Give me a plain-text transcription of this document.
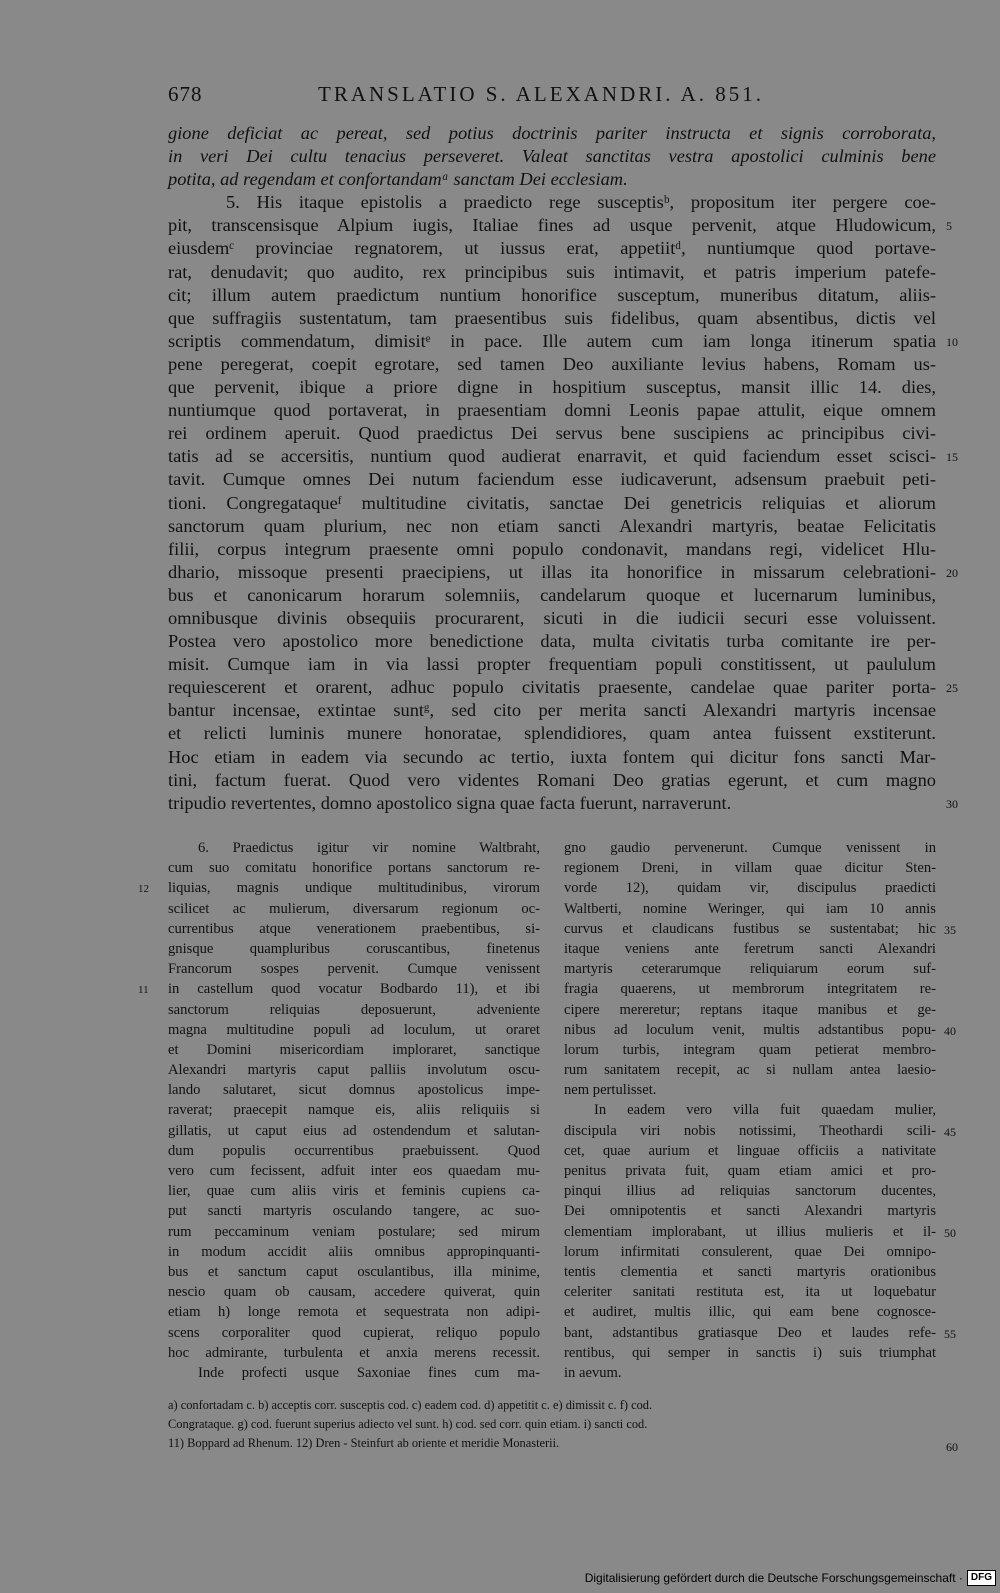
678	TRANSLATIO S. ALEXANDRI. A. 851.
gione deficiat ac pereat, sed potius doctrinis pariter instructa et signis corroborata,
in veri Dei cultu tenacius perseveret. Valeat sanctitas vestra apostolici culminis bene
potita, ad regendam et confortandamᵃ sanctam Dei ecclesiam.
5. His itaque epistolis a praedicto rege susceptisᵇ, propositum iter pergere coe-
pit, transcensisque Alpium iugis, Italiae fines ad usque pervenit, atque Hludowicum, 5
eiusdemᶜ provinciae regnatorem, ut iussus erat, appetiitᵈ, nuntiumque quod portave-
rat, denudavit; quo audito, rex principibus suis intimavit, et patris imperium patefe-
cit; illum autem praedictum nuntium honorifice susceptum, muneribus ditatum, aliis-
que suffragiis sustentatum, tam praesentibus suis fidelibus, quam absentibus, dictis vel
scriptis commendatum, dimisitᵉ in pace. Ille autem cum iam longa itinerum spatia 10
pene peregerat, coepit egrotare, sed tamen Deo auxiliante levius habens, Romam us-
que pervenit, ibique a priore digne in hospitium susceptus, mansit illic 14. dies,
nuntiumque quod portaverat, in praesentiam domni Leonis papae attulit, eique omnem
rei ordinem aperuit. Quod praedictus Dei servus bene suscipiens ac principibus civi-
tatis ad se accersitis, nuntium quod audierat enarravit, et quid faciendum esset scisci- 15
tavit. Cumque omnes Dei nutum faciendum esse iudicaverunt, adsensum praebuit peti-
tioni. Congregataqueᶠ multitudine civitatis, sanctae Dei genetricis reliquias et aliorum
sanctorum quam plurium, nec non etiam sancti Alexandri martyris, beatae Felicitatis
filii, corpus integrum praesente omni populo condonavit, mandans regi, videlicet Hlu-
dhario, missoque presenti praecipiens, ut illas ita honorifice in missarum celebrationi- 20
bus et canonicarum horarum solemniis, candelarum quoque et lucernarum luminibus,
omnibusque divinis obsequiis procurarent, sicuti in die iudicii securi esse voluissent.
Postea vero apostolico more benedictione data, multa civitatis turba comitante ire per-
misit. Cumque iam in via lassi propter frequentiam populi constitissent, ut paululum
requiescerent et orarent, adhuc populo civitatis praesente, candelae quae pariter porta- 25
bantur incensae, extintae suntᵍ, sed cito per merita sancti Alexandri martyris incensae
et relicti luminis munere honoratae, splendidiores, quam antea fuissent exstiterunt.
Hoc etiam in eadem via secundo ac tertio, iuxta fontem qui dicitur fons sancti Mar-
tini, factum fuerat. Quod vero videntes Romani Deo gratias egerunt, et cum magno
tripudio revertentes, domno apostolico signa quae facta fuerunt, narraverunt.	30
6. Praedictus igitur vir nomine Waltbraht,
cum suo comitatu honorifice portans sanctorum re-
liquias, magnis undique multitudinibus, virorum
12
scilicet ac mulierum, diversarum regionum oc-
currentibus atque venerationem praebentibus, si-
gnisque quampluribus coruscantibus, finetenus
Francorum sospes pervenit. Cumque venissent
in castellum quod vocatur Bodbardo 11), et ibi
11
sanctorum reliquias deposuerunt, adveniente
magna multitudine populi ad loculum, ut oraret
et Domini misericordiam imploraret, sanctique
Alexandri martyris caput palliis involutum oscu-
lando salutaret, sicut domnus apostolicus impe-
raverat; praecepit namque eis, aliis reliquiis si
gillatis, ut caput eius ad ostendendum et salutan-
dum populis occurrentibus praebuissent. Quod
vero cum fecissent, adfuit inter eos quaedam mu-
lier, quae cum aliis viris et feminis cupiens ca-
put sancti martyris osculando tangere, ac suo-
rum peccaminum veniam postulare; sed mirum
in modum accidit aliis omnibus appropinquanti-
bus et sanctum caput osculantibus, illa minime,
nescio quam ob causam, accedere quiverat, quin
etiam h) longe remota et sequestrata non adipi-
scens corporaliter quod cupierat, reliquo populo
hoc admirante, turbulenta et anxia merens recessit.
Inde profecti usque Saxoniae fines cum ma-
gno gaudio pervenerunt. Cumque venissent in
regionem Dreni, in villam quae dicitur Sten-
vorde 12), quidam vir, discipulus praedicti
Waltberti, nomine Weringer, qui iam 10 annis
curvus et claudicans fustibus se sustentabat; hic 35
itaque veniens ante feretrum sancti Alexandri
martyris ceterarumque reliquiarum eorum suf-
fragia quaerens, ut membrorum integritatem re-
cipere mereretur; reptans itaque manibus et ge-
nibus ad loculum venit, multis adstantibus popu- 40
lorum turbis, integram quam petierat membro-
rum sanitatem recepit, ac si nullam antea laesio-
nem pertulisset.
In eadem vero villa fuit quaedam mulier,
discipula viri nobis notissimi, Theothardi scili- 45
cet, quae aurium et linguae officiis a nativitate
penitus privata fuit, quam etiam amici et pro-
pinqui illius ad reliquias sanctorum ducentes,
Dei omnipotentis et sancti Alexandri martyris
clementiam implorabant, ut illius mulieris et il- 50
lorum infirmitati consulerent, quae Dei omnipo-
tentis clementia et sancti martyris orationibus
celeriter sanitati restituta est, ita ut loquebatur
et audiret, multis illic, qui eam bene cognosce-
bant, adstantibus gratiasque Deo et laudes refe- 55
rentibus, qui semper in sanctis i) suis triumphat
in aevum.
a) confortadam c. b) acceptis corr. susceptis cod. c) eadem cod. d) appetitit c. e) dimissit c. f) cod.
Congrataque. g) cod. fuerunt superius adiecto vel sunt. h) cod. sed corr. quin etiam. i) sancti cod.
11) Boppard ad Rhenum. 12) Dren - Steinfurt ab oriente et meridie Monasterii.	60
Digitalisierung gefördert durch die Deutsche Forschungsgemeinschaft · DFG
